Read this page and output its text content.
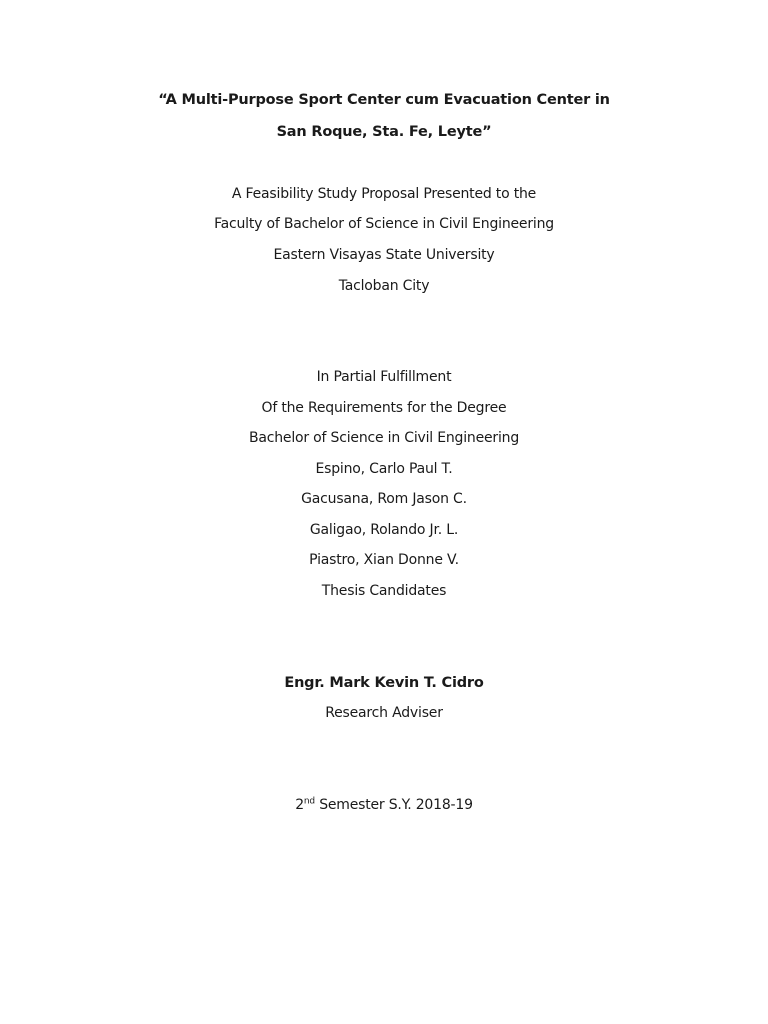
“A Multi-Purpose Sport Center cum Evacuation Center in
San Roque, Sta. Fe, Leyte”
A Feasibility Study Proposal Presented to the
Faculty of Bachelor of Science in Civil Engineering
Eastern Visayas State University
Tacloban City
In Partial Fulfillment
Of the Requirements for the Degree
Bachelor of Science in Civil Engineering
Espino, Carlo Paul T.
Gacusana, Rom Jason C.
Galigao, Rolando Jr. L.
Piastro, Xian Donne V.
Thesis Candidates
Engr. Mark Kevin T. Cidro
Research Adviser
2nd Semester S.Y. 2018-19
